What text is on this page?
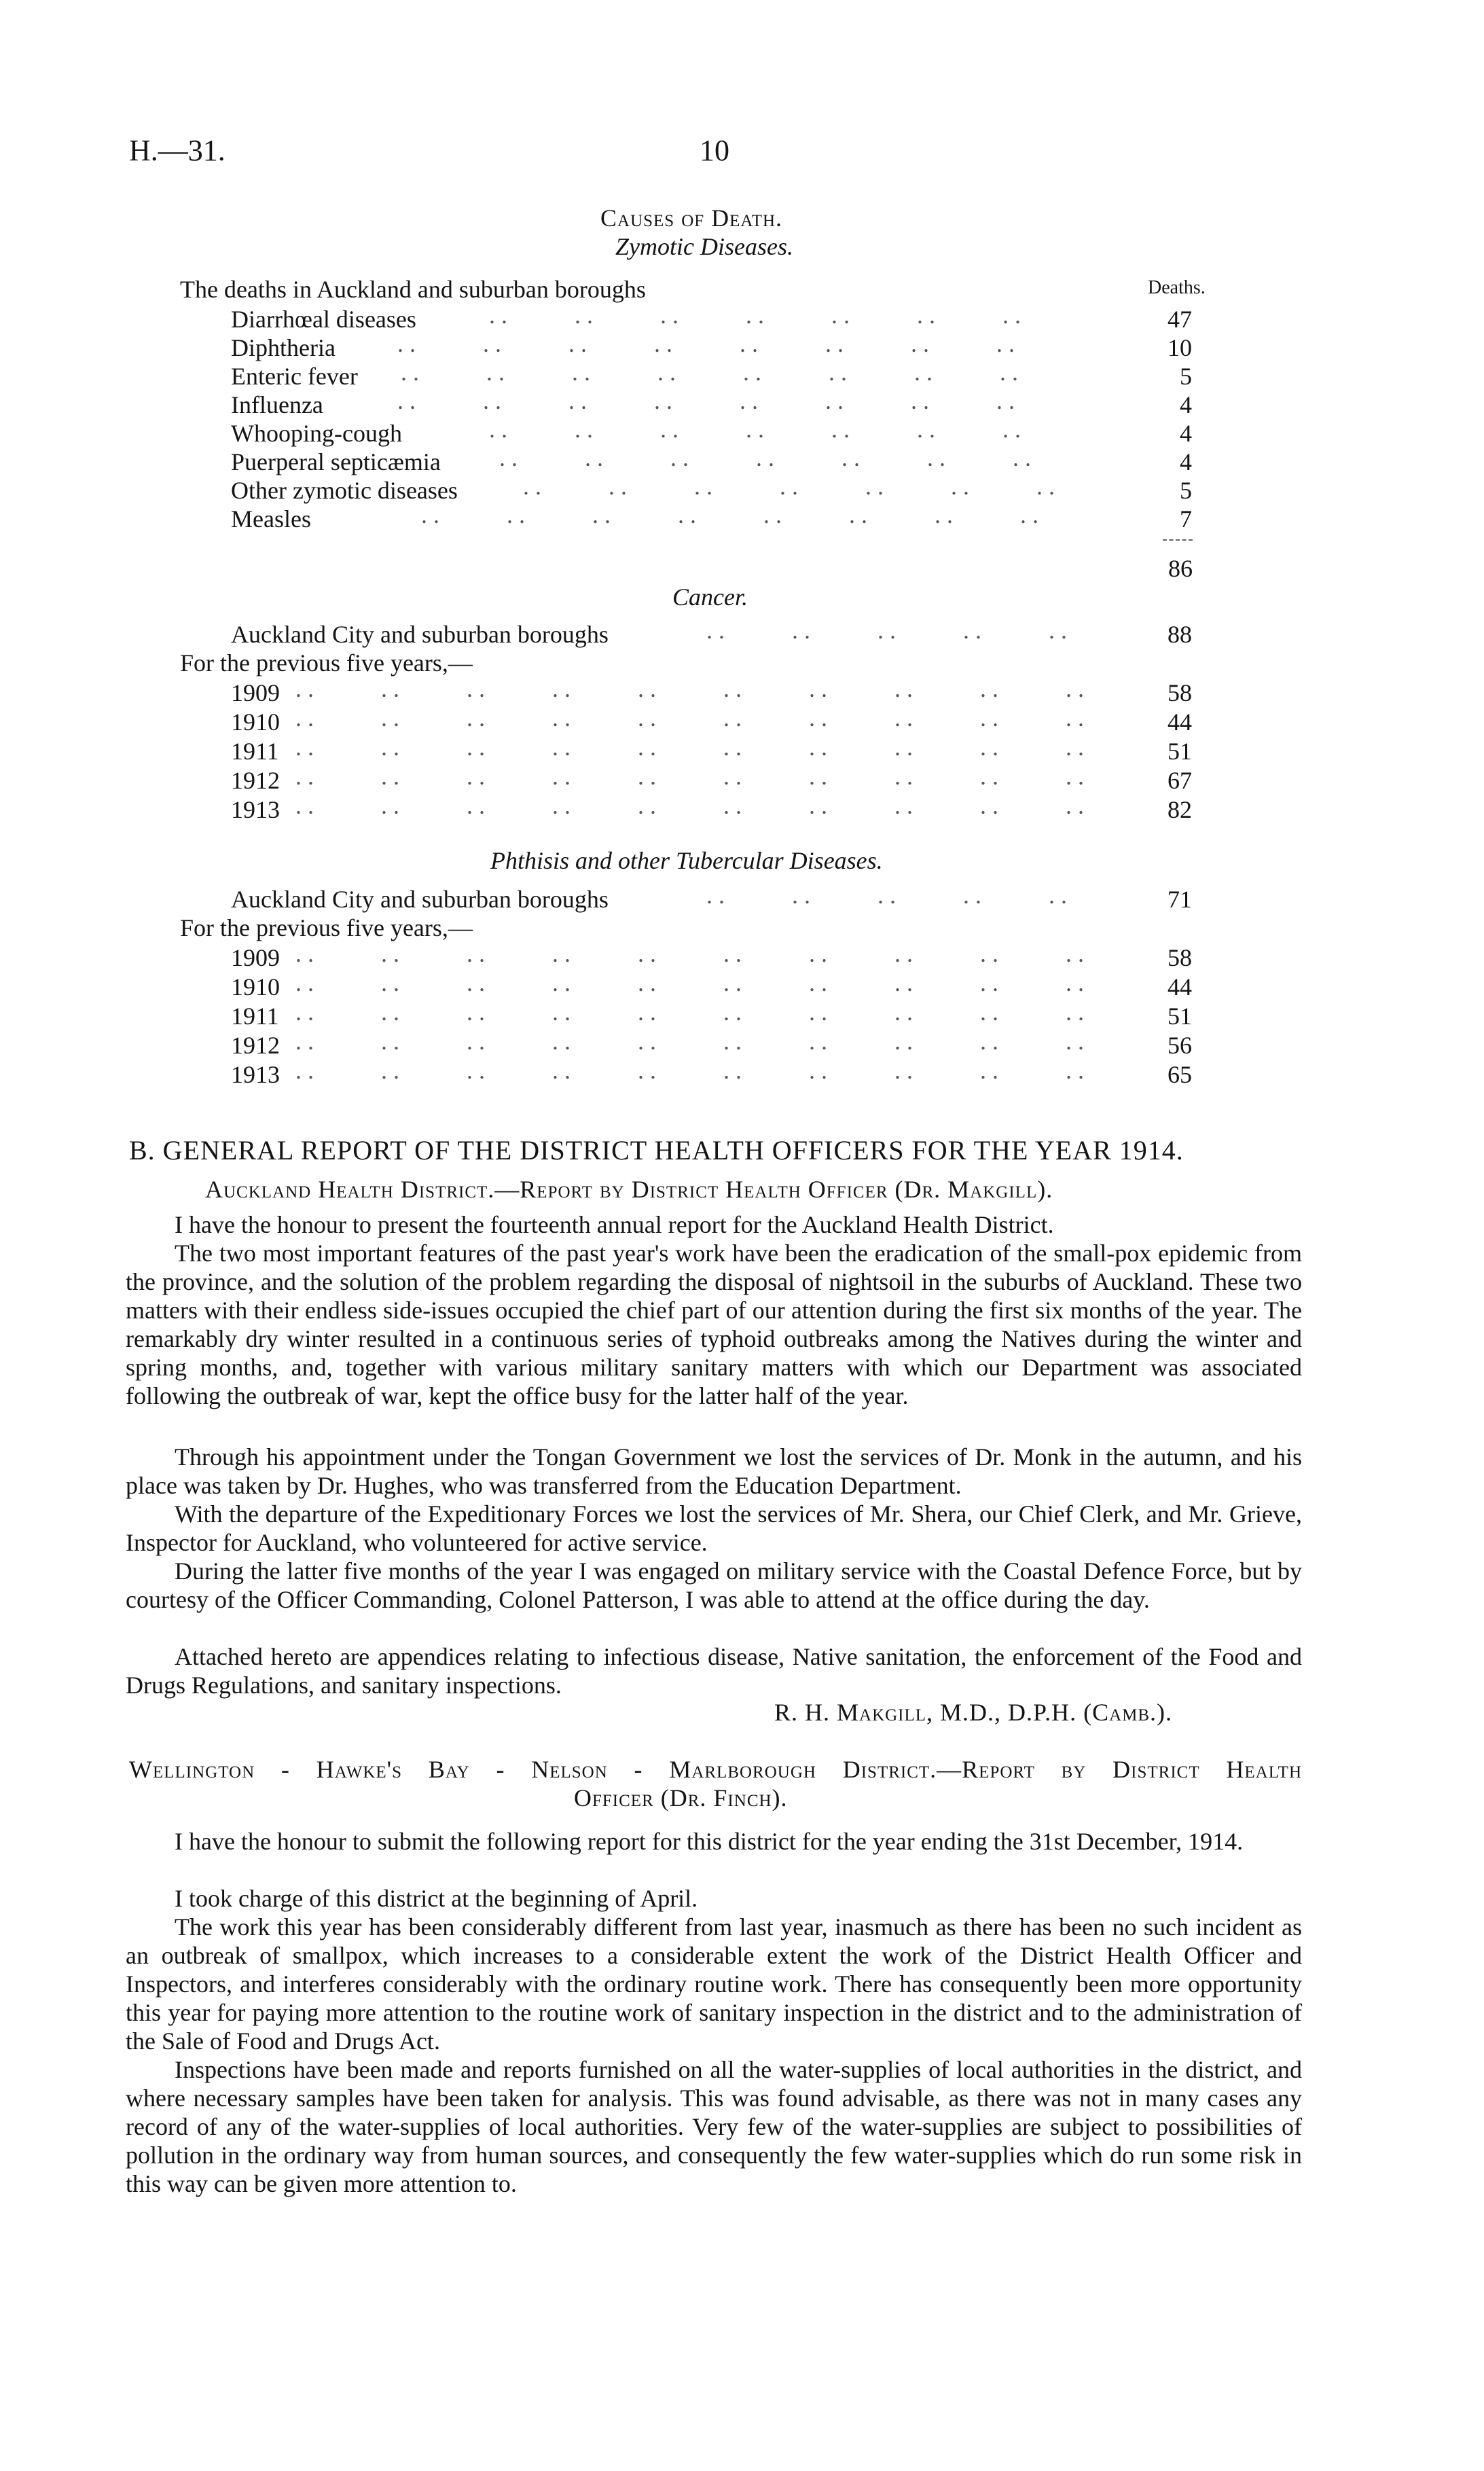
H.—31.	10
Causes of Death.
Zymotic Diseases.
The deaths in Auckland and suburban boroughs	Deaths.
. .           . .           . .           . .           . .           . .           . .
Diarrhœal diseases	47
. .           . .           . .           . .           . .           . .           . .           . .
Diphtheria	10
. .           . .           . .           . .           . .           . .           . .           . .
Enteric fever	5
. .           . .           . .           . .           . .           . .           . .           . .
Influenza	4
. .           . .           . .           . .           . .           . .           . .
Whooping-cough	4
. .           . .           . .           . .           . .           . .           . .
Puerperal septicæmia	4
. .           . .           . .           . .           . .           . .           . .
Other zymotic diseases	5
. .           . .           . .           . .           . .           . .           . .           . .
Measles	7
86
Cancer.
. .           . .           . .           . .           . .
Auckland City and suburban boroughs	88
For the previous five years,—
. .           . .           . .           . .           . .           . .           . .           . .           . .           . .
1909	58
. .           . .           . .           . .           . .           . .           . .           . .           . .           . .
1910	44
. .           . .           . .           . .           . .           . .           . .           . .           . .           . .
1911	51
. .           . .           . .           . .           . .           . .           . .           . .           . .           . .
1912	67
. .           . .           . .           . .           . .           . .           . .           . .           . .           . .
1913	82
Phthisis and other Tubercular Diseases.
. .           . .           . .           . .           . .
Auckland City and suburban boroughs	71
For the previous five years,—
. .           . .           . .           . .           . .           . .           . .           . .           . .           . .
1909	58
. .           . .           . .           . .           . .           . .           . .           . .           . .           . .
1910	44
. .           . .           . .           . .           . .           . .           . .           . .           . .           . .
1911	51
. .           . .           . .           . .           . .           . .           . .           . .           . .           . .
1912	56
. .           . .           . .           . .           . .           . .           . .           . .           . .           . .
1913	65
B. GENERAL REPORT OF THE DISTRICT HEALTH OFFICERS FOR THE YEAR 1914.
Auckland Health District.—Report by District Health Officer (Dr. Makgill).

I have the honour to present the fourteenth annual report for the Auckland Health District.

The two most important features of the past year's work have been the eradication of the small-pox epidemic from the province, and the solution of the problem regarding the disposal of nightsoil in the suburbs of Auckland. These two matters with their endless side-issues occupied the chief part of our attention during the first six months of the year. The remarkably dry winter resulted in a continuous series of typhoid outbreaks among the Natives during the winter and spring months, and, together with various military sanitary matters with which our Department was associated following the outbreak of war, kept the office busy for the latter half of the year.

Through his appointment under the Tongan Government we lost the services of Dr. Monk in the autumn, and his place was taken by Dr. Hughes, who was transferred from the Education Department.

With the departure of the Expeditionary Forces we lost the services of Mr. Shera, our Chief Clerk, and Mr. Grieve, Inspector for Auckland, who volunteered for active service.

During the latter five months of the year I was engaged on military service with the Coastal Defence Force, but by courtesy of the Officer Commanding, Colonel Patterson, I was able to attend at the office during the day.

Attached hereto are appendices relating to infectious disease, Native sanitation, the enforcement of the Food and Drugs Regulations, and sanitary inspections.

R. H. Makgill, M.D., D.P.H. (Camb.).
Wellington - Hawke's Bay - Nelson - Marlborough District.—Report by District Health
Officer (Dr. Finch).

I have the honour to submit the following report for this district for the year ending the 31st December, 1914.

I took charge of this district at the beginning of April.

The work this year has been considerably different from last year, inasmuch as there has been no such incident as an outbreak of smallpox, which increases to a considerable extent the work of the District Health Officer and Inspectors, and interferes considerably with the ordinary routine work. There has consequently been more opportunity this year for paying more attention to the routine work of sanitary inspection in the district and to the administration of the Sale of Food and Drugs Act.

Inspections have been made and reports furnished on all the water-supplies of local authorities in the district, and where necessary samples have been taken for analysis. This was found advisable, as there was not in many cases any record of any of the water-supplies of local authorities. Very few of the water-supplies are subject to possibilities of pollution in the ordinary way from human sources, and consequently the few water-supplies which do run some risk in this way can be given more attention to.
